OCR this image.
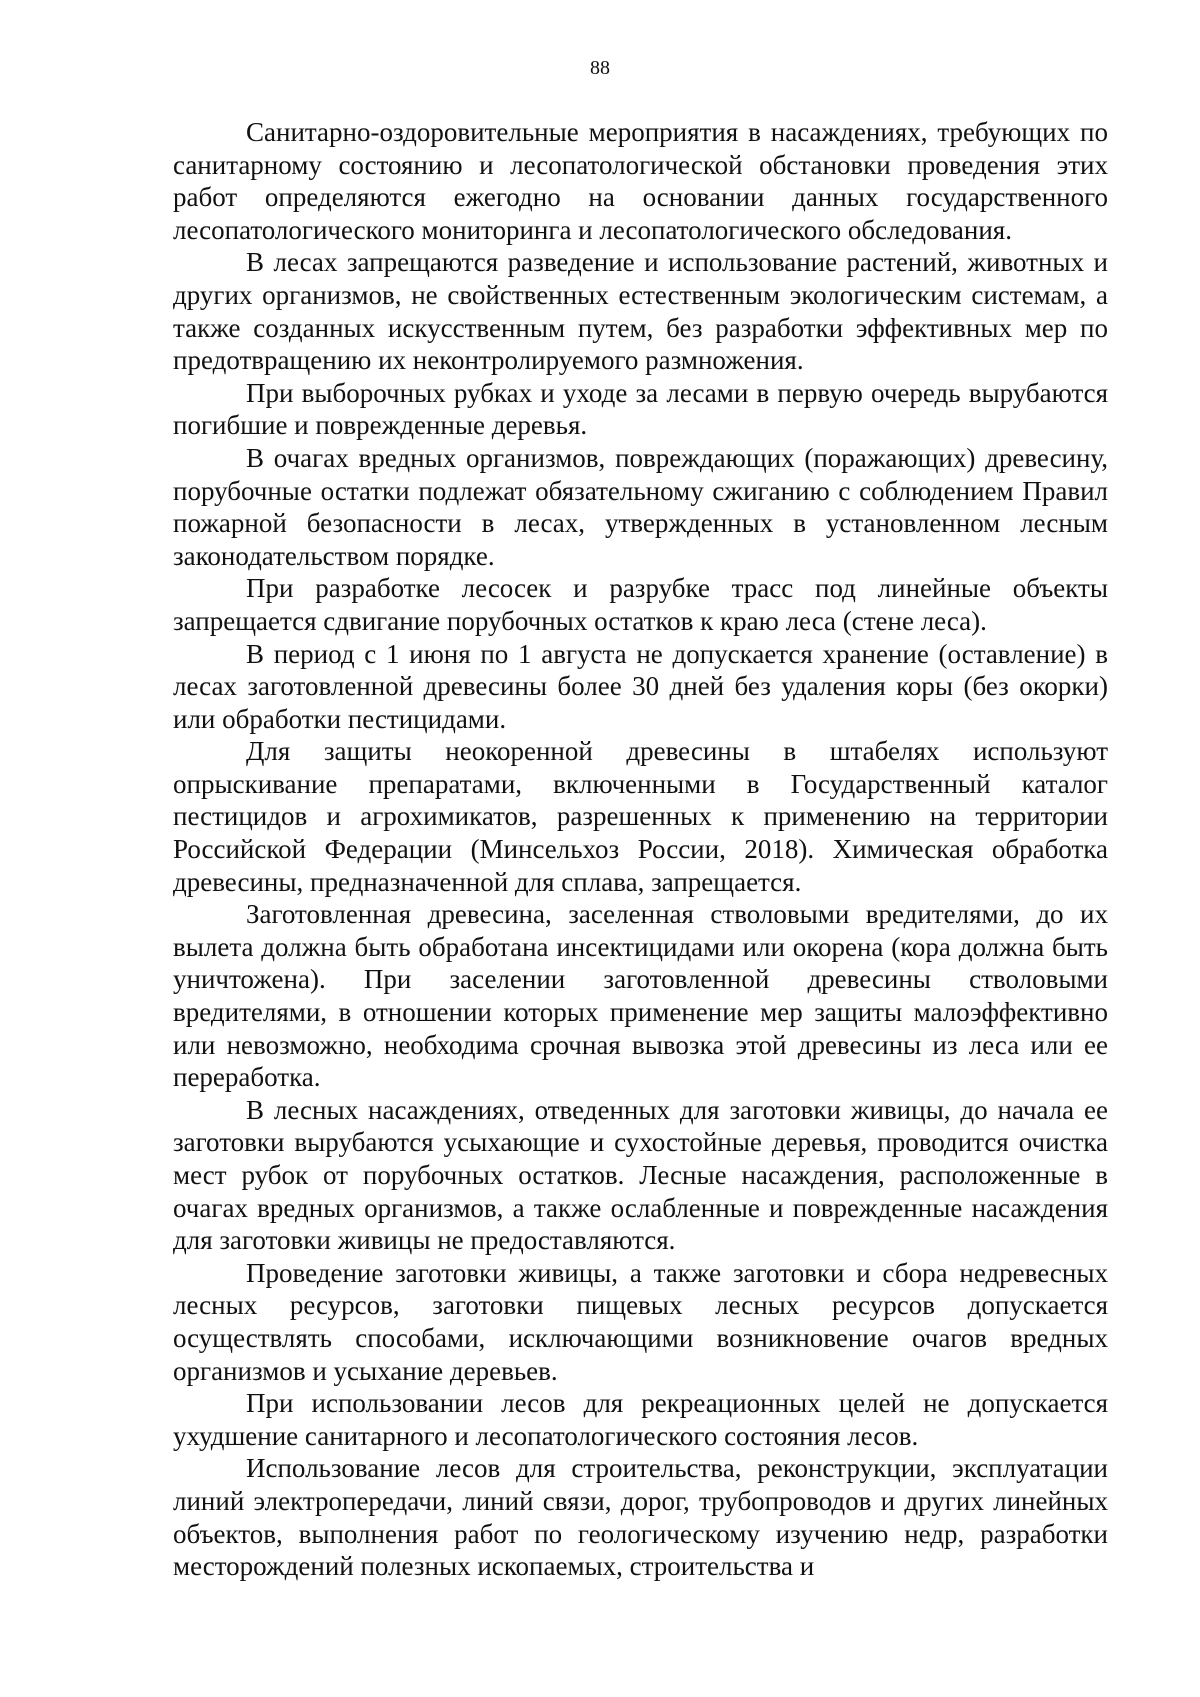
88

Санитарно-оздоровительные мероприятия в насаждениях, требующих по санитарному состоянию и лесопатологической обстановки проведения этих работ определяются ежегодно на основании данных государственного лесопатологического мониторинга и лесопатологического обследования.

В лесах запрещаются разведение и использование растений, животных и других организмов, не свойственных естественным экологическим системам, а также созданных искусственным путем, без разработки эффективных мер по предотвращению их неконтролируемого размножения.

При выборочных рубках и уходе за лесами в первую очередь вырубаются погибшие и поврежденные деревья.

В очагах вредных организмов, повреждающих (поражающих) древесину, порубочные остатки подлежат обязательному сжиганию с соблюдением Правил пожарной безопасности в лесах, утвержденных в установленном лесным законодательством порядке.

При разработке лесосек и разрубке трасс под линейные объекты запрещается сдвигание порубочных остатков к краю леса (стене леса).

В период с 1 июня по 1 августа не допускается хранение (оставление) в лесах заготовленной древесины более 30 дней без удаления коры (без окорки) или обработки пестицидами.

Для защиты неокоренной древесины в штабелях используют опрыскивание препаратами, включенными в Государственный каталог пестицидов и агрохимикатов, разрешенных к применению на территории Российской Федерации (Минсельхоз России, 2018). Химическая обработка древесины, предназначенной для сплава, запрещается.

Заготовленная древесина, заселенная стволовыми вредителями, до их вылета должна быть обработана инсектицидами или окорена (кора должна быть уничтожена). При заселении заготовленной древесины стволовыми вредителями, в отношении которых применение мер защиты малоэффективно или невозможно, необходима срочная вывозка этой древесины из леса или ее переработка.

В лесных насаждениях, отведенных для заготовки живицы, до начала ее заготовки вырубаются усыхающие и сухостойные деревья, проводится очистка мест рубок от порубочных остатков. Лесные насаждения, расположенные в очагах вредных организмов, а также ослабленные и поврежденные насаждения для заготовки живицы не предоставляются.

Проведение заготовки живицы, а также заготовки и сбора недревесных лесных ресурсов, заготовки пищевых лесных ресурсов допускается осуществлять способами, исключающими возникновение очагов вредных организмов и усыхание деревьев.

При использовании лесов для рекреационных целей не допускается ухудшение санитарного и лесопатологического состояния лесов.

Использование лесов для строительства, реконструкции, эксплуатации линий электропередачи, линий связи, дорог, трубопроводов и других линейных объектов, выполнения работ по геологическому изучению недр, разработки месторождений полезных ископаемых, строительства и
